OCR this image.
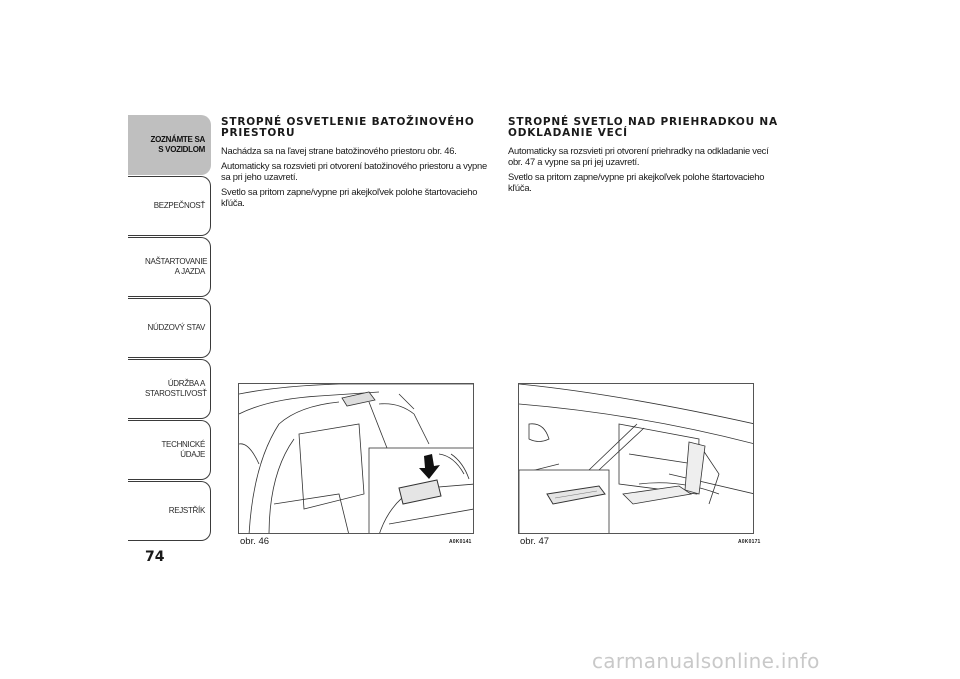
ZOZNÁMTE SA S VOZIDLOM
BEZPEČNOSŤ
NAŠTARTOVANIE A JAZDA
NÚDZOVÝ STAV
ÚDRŽBA A STAROSTLIVOSŤ
TECHNICKÉ ÚDAJE
REJSTŘÍK
74
STROPNÉ OSVETLENIE BATOŽINOVÉHO PRIESTORU

Nachádza sa na ľavej strane batožinového priestoru obr. 46.

Automaticky sa rozsvieti pri otvorení batožinového priestoru a vypne sa pri jeho uzavretí.

Svetlo sa pritom zapne/vypne pri akejkoľvek polohe štartovacieho kľúča.

STROPNÉ SVETLO NAD PRIEHRADKOU NA ODKLADANIE VECÍ

Automaticky sa rozsvieti pri otvorení priehradky na odkladanie vecí obr. 47 a vypne sa pri jej uzavretí.

Svetlo sa pritom zapne/vypne pri akejkoľvek polohe štartovacieho kľúča.

obr. 46	A0K0141	obr. 47	A0K0171
carmanualsonline.info
